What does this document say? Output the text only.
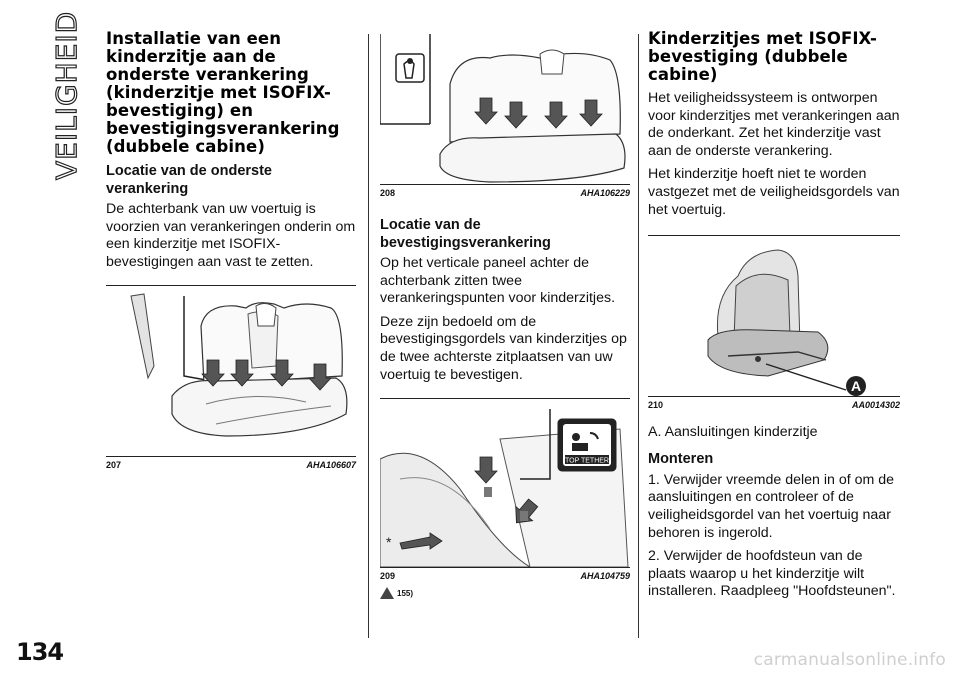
VEILIGHEID
134
Installatie van een kinderzitje aan de onderste verankering (kinderzitje met ISOFIX-bevestiging) en bevestigingsverankering (dubbele cabine)
Locatie van de onderste verankering

De achterbank van uw voertuig is voorzien van verankeringen onderin om een kinderzitje met ISOFIX-bevestigingen aan vast te zetten.

207	AHA106607
208	AHA106229
Locatie van de bevestigingsverankering

Op het verticale paneel achter de achterbank zitten twee verankeringspunten voor kinderzitjes.

Deze zijn bedoeld om de bevestigingsgordels van kinderzitjes op de twee achterste zitplaatsen van uw voertuig te bevestigen.

TOP TETHER
*
209	AHA104759
155)
Kinderzitjes met ISOFIX-bevestiging (dubbele cabine)

Het veiligheidssysteem is ontworpen voor kinderzitjes met verankeringen aan de onderkant. Zet het kinderzitje vast aan de onderste verankering.

Het kinderzitje hoeft niet te worden vastgezet met de veiligheidsgordels van het voertuig.

A
210	AA0014302

A. Aansluitingen kinderzitje

Monteren

1. Verwijder vreemde delen in of om de aansluitingen en controleer of de veiligheidsgordel van het voertuig naar behoren is ingerold.

2. Verwijder de hoofdsteun van de plaats waarop u het kinderzitje wilt installeren. Raadpleeg "Hoofdsteunen".

carmanualsonline.info
